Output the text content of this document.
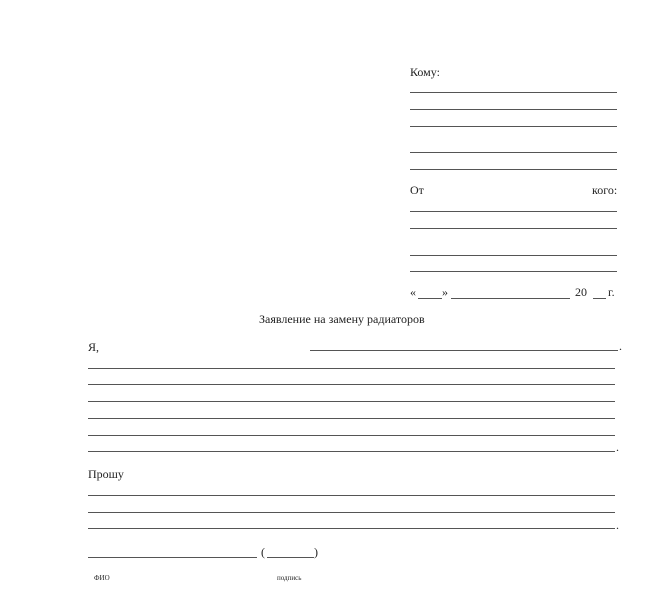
Кому:
От	кого:
« »	20 г.
Заявление на замену радиаторов
Я,	.
.
Прошу
.
(	)
ФИО	подпись
